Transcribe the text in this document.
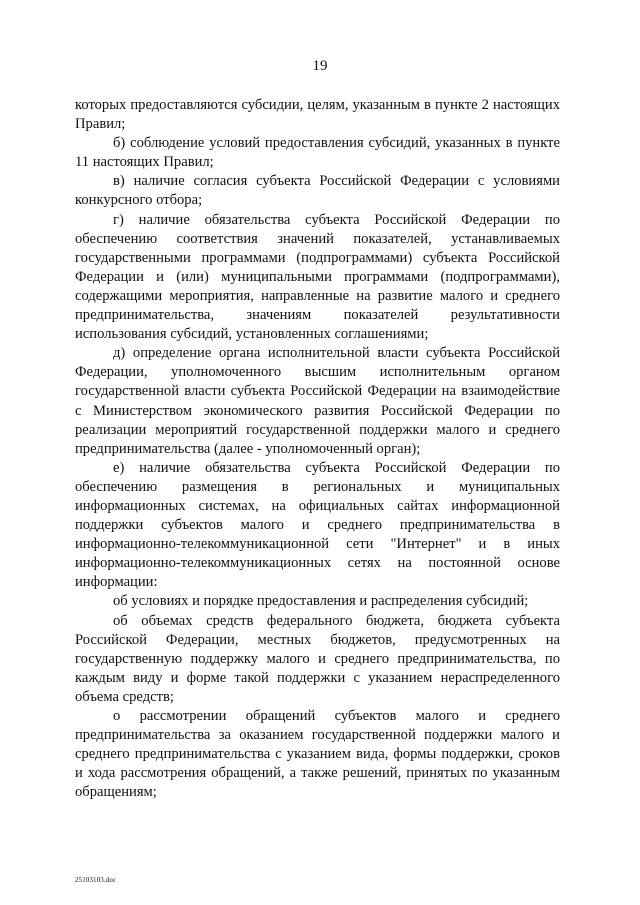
19

которых предоставляются субсидии, целям, указанным в пункте 2 настоящих Правил;

б) соблюдение условий предоставления субсидий, указанных в пункте 11 настоящих Правил;

в) наличие согласия субъекта Российской Федерации с условиями конкурсного отбора;

г) наличие обязательства субъекта Российской Федерации по обеспечению соответствия значений показателей, устанавливаемых государственными программами (подпрограммами) субъекта Российской Федерации и (или) муниципальными программами (подпрограммами), содержащими мероприятия, направленные на развитие малого и среднего предпринимательства, значениям показателей результативности использования субсидий, установленных соглашениями;

д) определение органа исполнительной власти субъекта Российской Федерации, уполномоченного высшим исполнительным органом государственной власти субъекта Российской Федерации на взаимодействие с Министерством экономического развития Российской Федерации по реализации мероприятий государственной поддержки малого и среднего предпринимательства (далее - уполномоченный орган);

е) наличие обязательства субъекта Российской Федерации по обеспечению размещения в региональных и муниципальных информационных системах, на официальных сайтах информационной поддержки субъектов малого и среднего предпринимательства в информационно-телекоммуникационной сети "Интернет" и в иных информационно-телекоммуникационных сетях на постоянной основе информации:

об условиях и порядке предоставления и распределения субсидий;

об объемах средств федерального бюджета, бюджета субъекта Российской Федерации, местных бюджетов, предусмотренных на государственную поддержку малого и среднего предпринимательства, по каждым виду и форме такой поддержки с указанием нераспределенного объема средств;

о рассмотрении обращений субъектов малого и среднего предпринимательства за оказанием государственной поддержки малого и среднего предпринимательства с указанием вида, формы поддержки, сроков и хода рассмотрения обращений, а также решений, принятых по указанным обращениям;

25103103.doc
